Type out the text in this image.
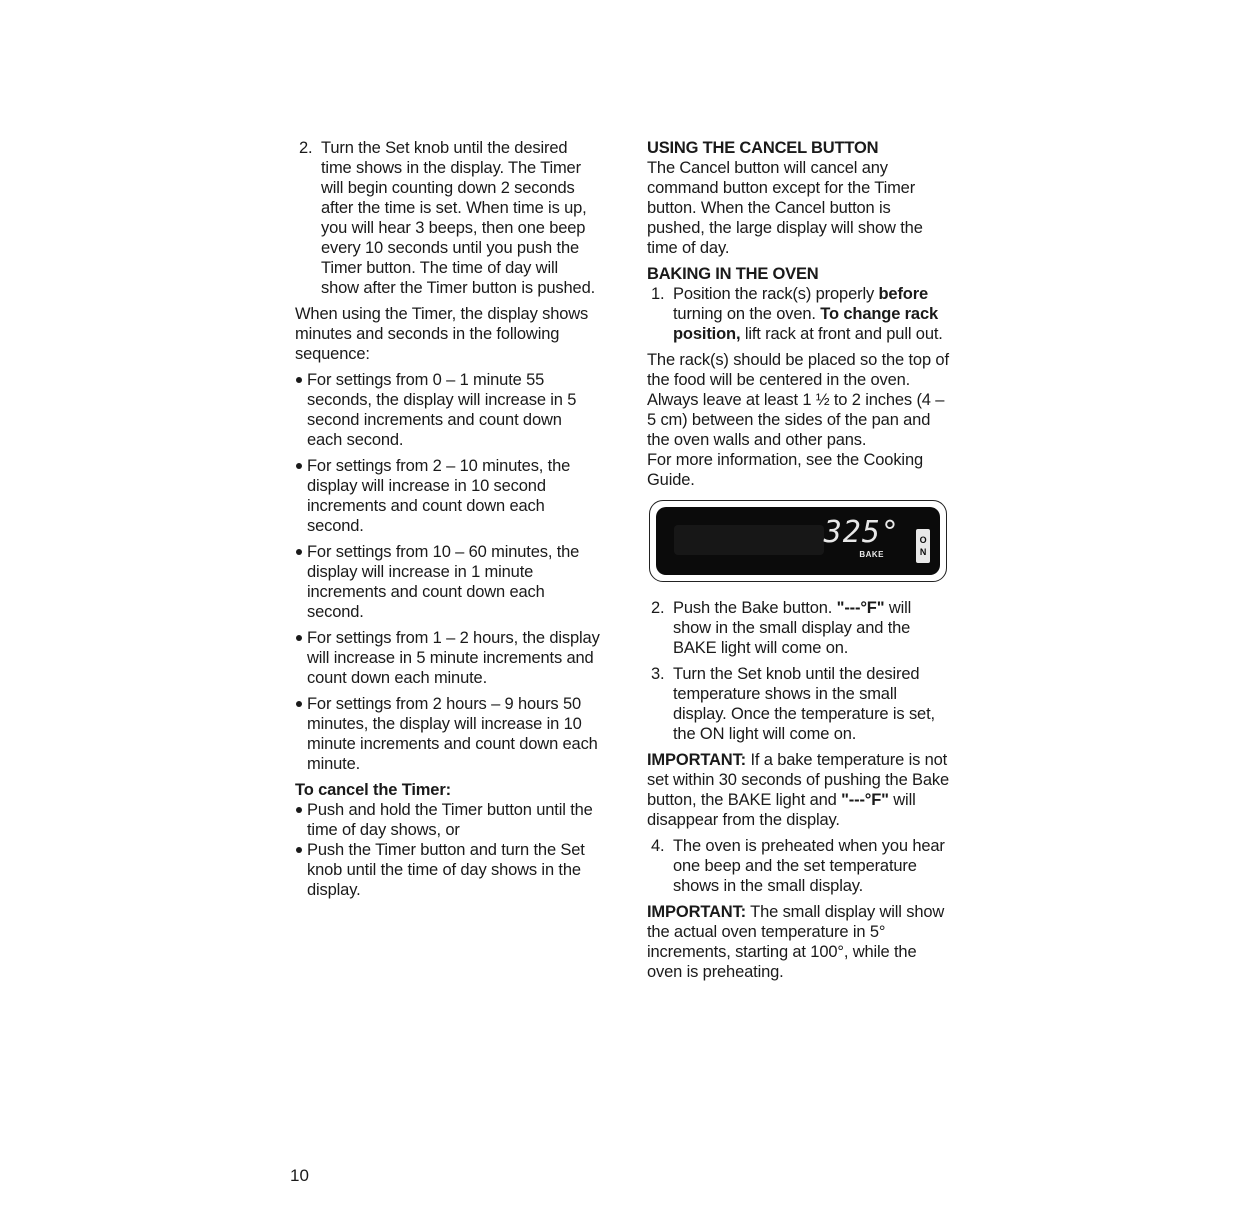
2. Turn the Set knob until the desired time shows in the display. The Timer will begin counting down 2 seconds after the time is set. When time is up, you will hear 3 beeps, then one beep every 10 seconds until you push the Timer button. The time of day will show after the Timer button is pushed.
When using the Timer, the display shows minutes and seconds in the following sequence:
For settings from 0 – 1 minute 55 seconds, the display will increase in 5 second increments and count down each second.
For settings from 2 – 10 minutes, the display will increase in 10 second increments and count down each second.
For settings from 10 – 60 minutes, the display will increase in 1 minute increments and count down each second.
For settings from 1 – 2 hours, the display will increase in 5 minute increments and count down each minute.
For settings from 2 hours – 9 hours 50 minutes, the display will increase in 10 minute increments and count down each minute.
To cancel the Timer:
Push and hold the Timer button until the time of day shows, or
Push the Timer button and turn the Set knob until the time of day shows in the display.
USING THE CANCEL BUTTON
The Cancel button will cancel any command button except for the Timer button. When the Cancel button is pushed, the large display will show the time of day.
BAKING IN THE OVEN
1. Position the rack(s) properly before turning on the oven. To change rack position, lift rack at front and pull out.
The rack(s) should be placed so the top of the food will be centered in the oven. Always leave at least 1 ½ to 2 inches (4 – 5 cm) between the sides of the pan and the oven walls and other pans.
For more information, see the Cooking Guide.
325°
BAKE
O
N
2. Push the Bake button. "---°F" will show in the small display and the BAKE light will come on.
3. Turn the Set knob until the desired temperature shows in the small display. Once the temperature is set, the ON light will come on.
IMPORTANT: If a bake temperature is not set within 30 seconds of pushing the Bake button, the BAKE light and "---°F" will disappear from the display.
4. The oven is preheated when you hear one beep and the set temperature shows in the small display.
IMPORTANT: The small display will show the actual oven temperature in 5° increments, starting at 100°, while the oven is preheating.
10
